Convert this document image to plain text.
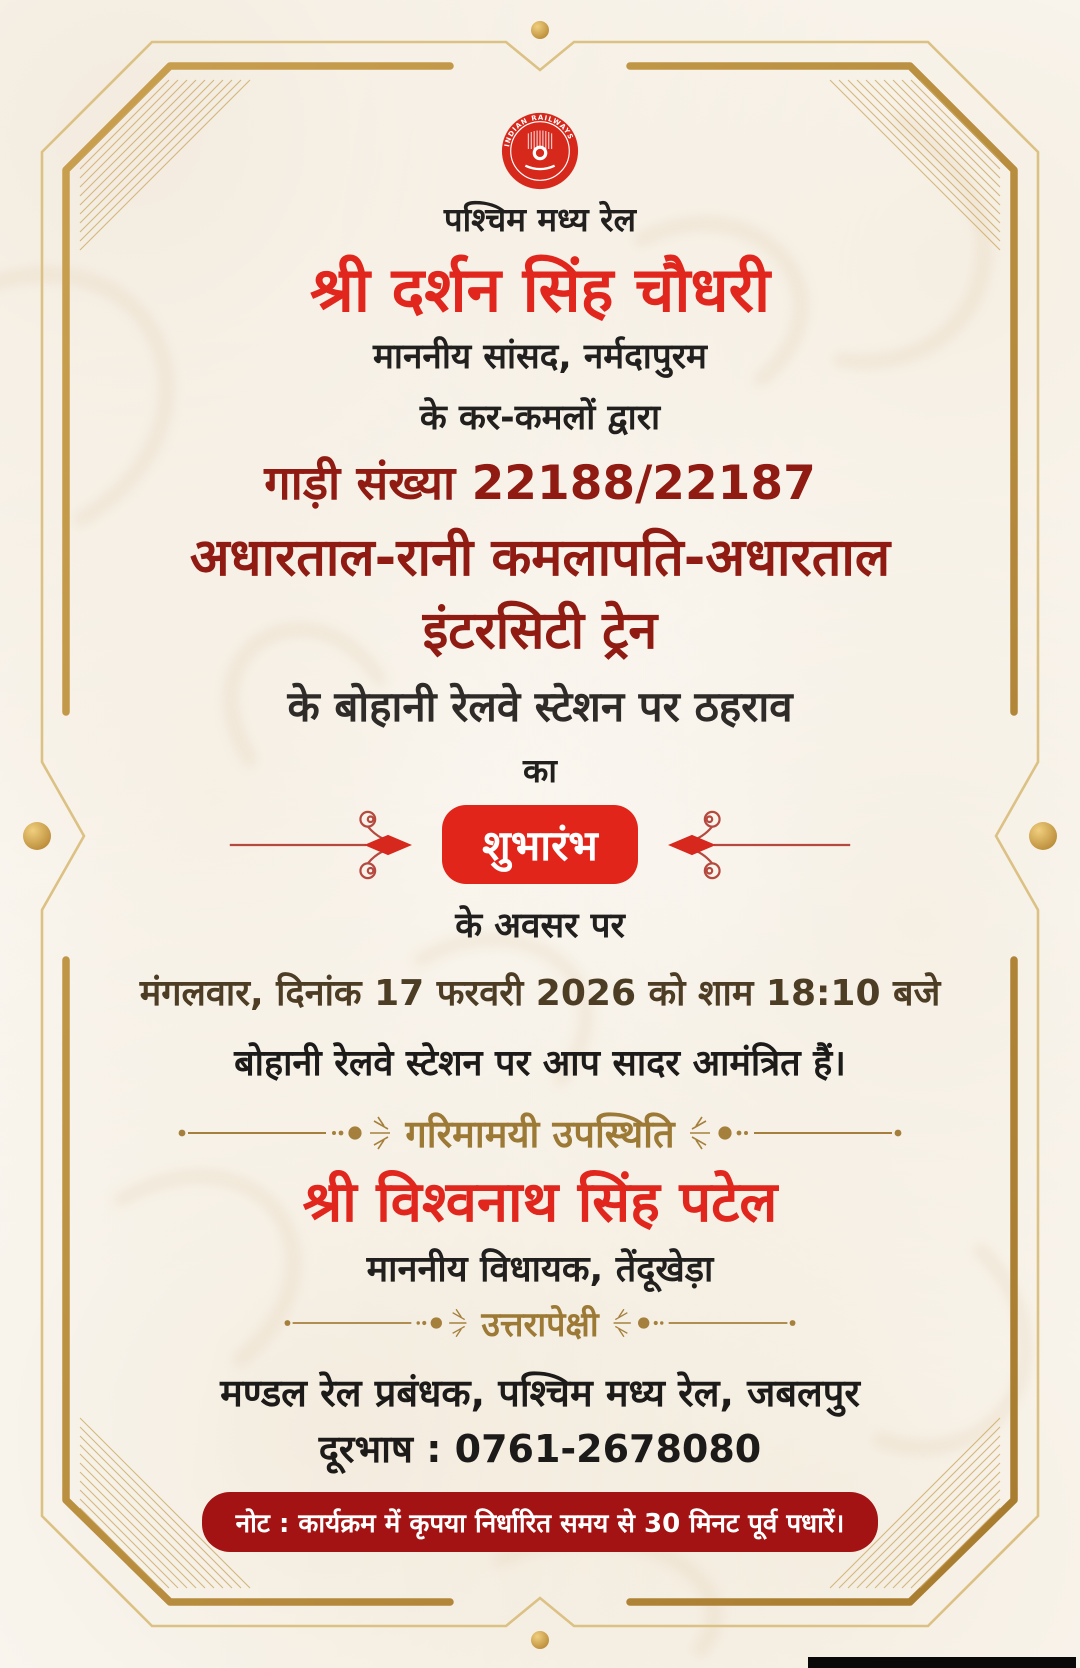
INDIAN RAILWAYS
पश्चिम मध्य रेल
श्री दर्शन सिंह चौधरी
माननीय सांसद, नर्मदापुरम
के कर-कमलों द्वारा
गाड़ी संख्या 22188/22187
अधारताल-रानी कमलापति-अधारताल
इंटरसिटी ट्रेन
के बोहानी रेलवे स्टेशन पर ठहराव
का
शुभारंभ
के अवसर पर
मंगलवार, दिनांक 17 फरवरी 2026 को शाम 18:10 बजे
बोहानी रेलवे स्टेशन पर आप सादर आमंत्रित हैं।
गरिमामयी उपस्थिति
श्री विश्वनाथ सिंह पटेल
माननीय विधायक, तेंदूखेड़ा
उत्तरापेक्षी
मण्डल रेल प्रबंधक, पश्चिम मध्य रेल, जबलपुर
दूरभाष : 0761-2678080
नोट : कार्यक्रम में कृपया निर्धारित समय से 30 मिनट पूर्व पधारें।
